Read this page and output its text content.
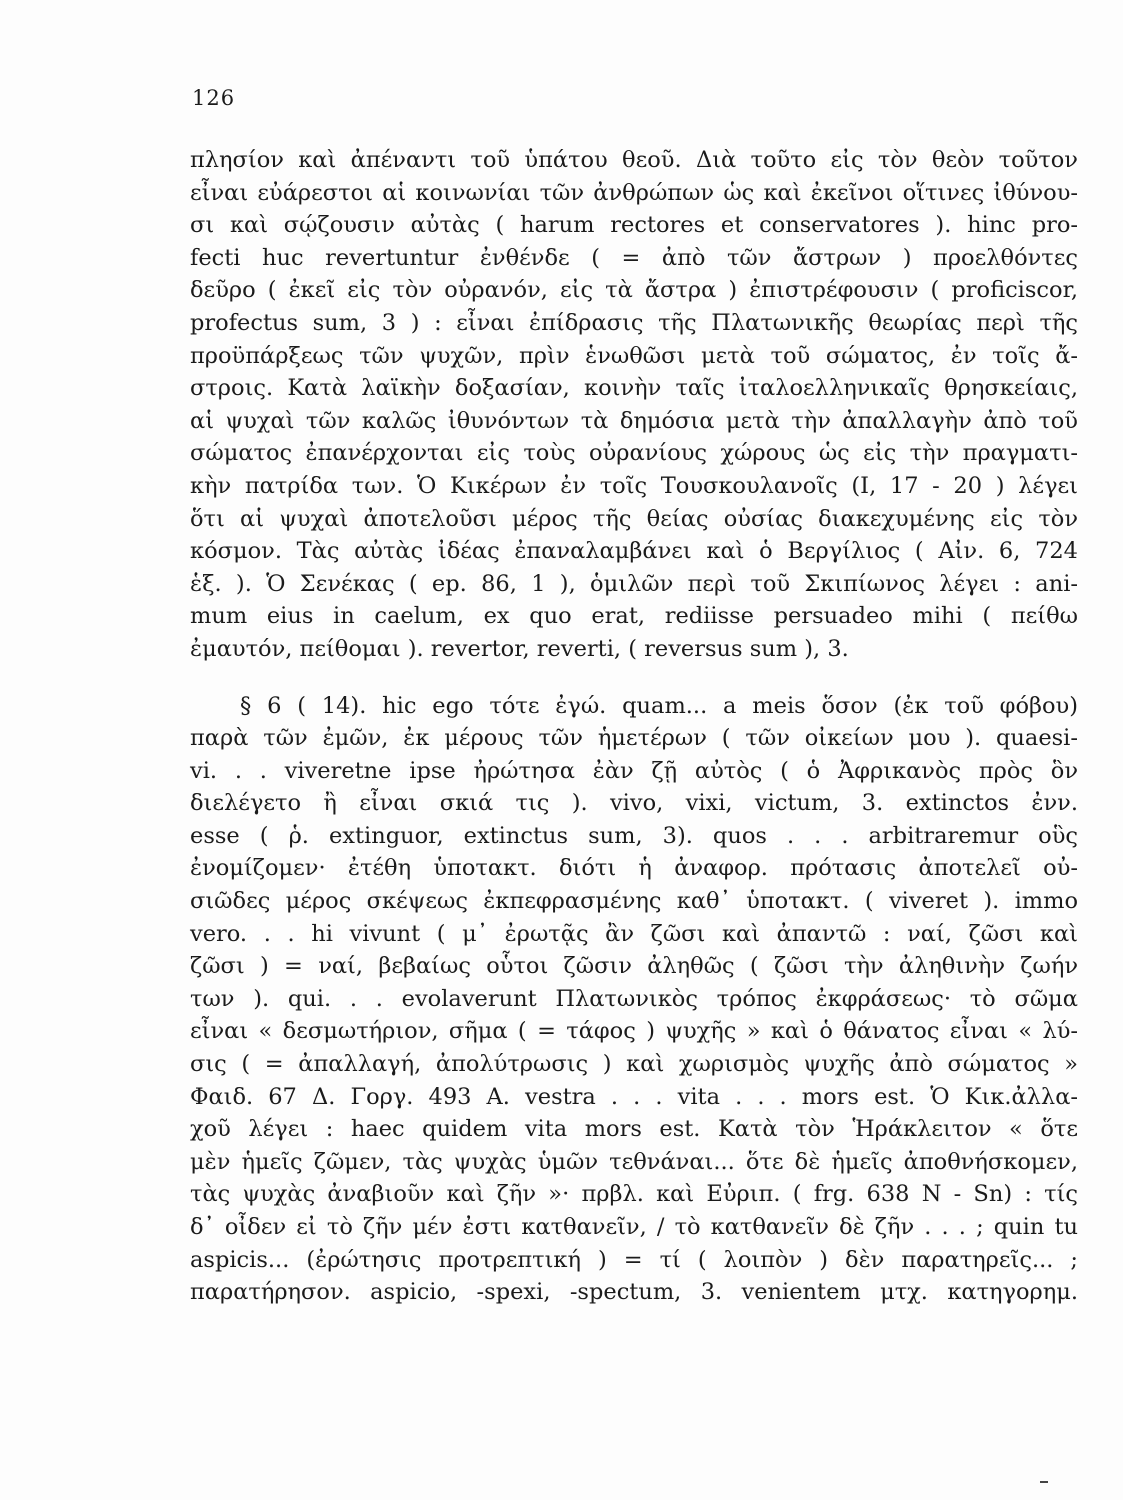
126
πλησίον καὶ ἀπέναντι τοῦ ὑπάτου θεοῦ. Διὰ τοῦτο εἰς τὸν θεὸν τοῦτον
εἶναι εὐάρεστοι αἱ κοινωνίαι τῶν ἀνθρώπων ὡς καὶ ἐκεῖνοι οἵτινες ἰθύνου-
σι καὶ σῴζουσιν αὐτὰς ( harum rectores et conservatores ). hinc pro-
fecti huc revertuntur ἐνθένδε ( = ἀπὸ τῶν ἄστρων ) προελθόντες
δεῦρο ( ἐκεῖ εἰς τὸν οὐρανόν, εἰς τὰ ἄστρα ) ἐπιστρέφουσιν ( proficiscor,
profectus sum, 3 ) : εἶναι ἐπίδρασις τῆς Πλατωνικῆς θεωρίας περὶ τῆς
προϋπάρξεως τῶν ψυχῶν, πρὶν ἑνωθῶσι μετὰ τοῦ σώματος, ἐν τοῖς ἄ-
στροις. Κατὰ λαϊκὴν δοξασίαν, κοινὴν ταῖς ἰταλοελληνικαῖς θρησκείαις,
αἱ ψυχαὶ τῶν καλῶς ἰθυνόντων τὰ δημόσια μετὰ τὴν ἀπαλλαγὴν ἀπὸ τοῦ
σώματος ἐπανέρχονται εἰς τοὺς οὐρανίους χώρους ὡς εἰς τὴν πραγματι-
κὴν πατρίδα των. Ὁ Κικέρων ἐν τοῖς Τουσκουλανοῖς (I, 17 - 20 ) λέγει
ὅτι αἱ ψυχαὶ ἀποτελοῦσι μέρος τῆς θείας οὐσίας διακεχυμένης εἰς τὸν
κόσμον. Τὰς αὐτὰς ἰδέας ἐπαναλαμβάνει καὶ ὁ Βεργίλιος ( Αἰν. 6, 724
ἑξ. ). Ὁ Σενέκας ( ep. 86, 1 ), ὁμιλῶν περὶ τοῦ Σκιπίωνος λέγει : ani-
mum eius in caelum, ex quo erat, rediisse persuadeo mihi ( πείθω
ἐμαυτόν, πείθομαι ). revertor, reverti, ( reversus sum ), 3.
§ 6 ( 14). hic ego τότε ἐγώ. quam... a meis ὅσον (ἐκ τοῦ φόβου)
παρὰ τῶν ἐμῶν, ἐκ μέρους τῶν ἡμετέρων ( τῶν οἰκείων μου ). quaesi-
vi. . . viveretne ipse ἠρώτησα ἐὰν ζῇ αὐτὸς ( ὁ Ἀφρικανὸς πρὸς ὃν
διελέγετο ἢ εἶναι σκιά τις ). vivo, vixi, victum, 3. extinctos ἐνν.
esse ( ῥ. extinguor, extinctus sum, 3). quos . . . arbitraremur οὓς
ἐνομίζομεν· ἐτέθη ὑποτακτ. διότι ἡ ἀναφορ. πρότασις ἀποτελεῖ οὐ-
σιῶδες μέρος σκέψεως ἐκπεφρασμένης καθ᾽ ὑποτακτ. ( viveret ). immo
vero. . . hi vivunt ( μ᾽ ἐρωτᾷς ἂν ζῶσι καὶ ἀπαντῶ : ναί, ζῶσι καὶ
ζῶσι ) = ναί, βεβαίως οὗτοι ζῶσιν ἀληθῶς ( ζῶσι τὴν ἀληθινὴν ζωήν
των ). qui. . . evolaverunt Πλατωνικὸς τρόπος ἐκφράσεως· τὸ σῶμα
εἶναι « δεσμωτήριον, σῆμα ( = τάφος ) ψυχῆς » καὶ ὁ θάνατος εἶναι « λύ-
σις ( = ἀπαλλαγή, ἀπολύτρωσις ) καὶ χωρισμὸς ψυχῆς ἀπὸ σώματος »
Φαιδ. 67 Δ. Γοργ. 493 Α. vestra . . . vita . . . mors est. Ὁ Κικ.ἀλλα-
χοῦ λέγει : haec quidem vita mors est. Κατὰ τὸν Ἡράκλειτον « ὅτε
μὲν ἡμεῖς ζῶμεν, τὰς ψυχὰς ὑμῶν τεθνάναι... ὅτε δὲ ἡμεῖς ἀποθνήσκομεν,
τὰς ψυχὰς ἀναβιοῦν καὶ ζῆν »· πρβλ. καὶ Εὐριπ. ( frg. 638 N - Sn) : τίς
δ᾽ οἶδεν εἰ τὸ ζῆν μέν ἐστι κατθανεῖν, / τὸ κατθανεῖν δὲ ζῆν . . . ; quin tu
aspicis... (ἐρώτησις προτρεπτική ) = τί ( λοιπὸν ) δὲν παρατηρεῖς... ;
παρατήρησον. aspicio, -spexi, -spectum, 3. venientem μτχ. κατηγορημ.
